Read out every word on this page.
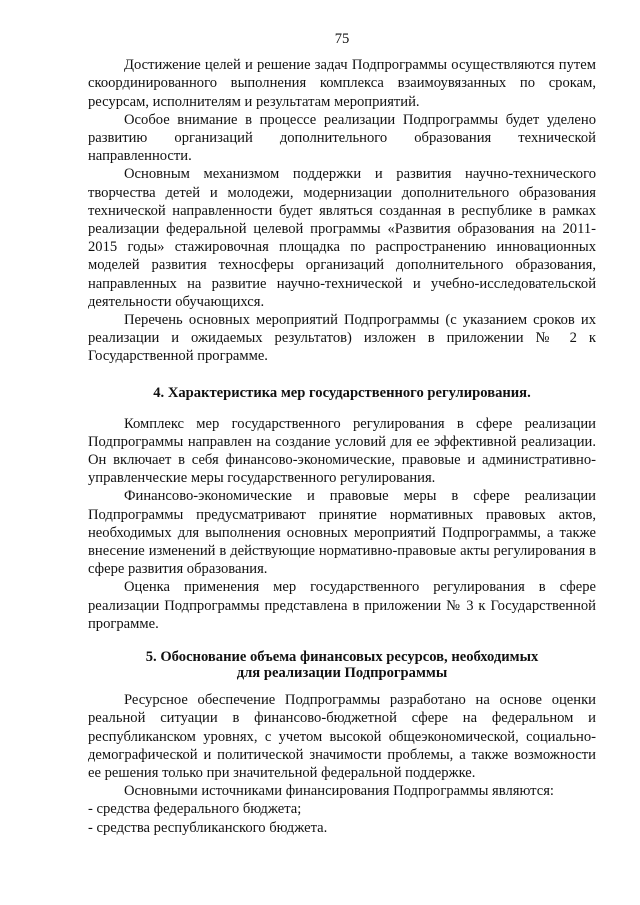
75

Достижение целей и решение задач Подпрограммы осуществляются путем скоординированного выполнения комплекса взаимоувязанных по срокам, ресурсам, исполнителям и результатам мероприятий.

Особое внимание в процессе реализации Подпрограммы будет уделено развитию организаций дополнительного образования технической направленности.

Основным механизмом поддержки и развития научно-технического творчества детей и молодежи, модернизации дополнительного образования технической направленности будет являться созданная в республике в рамках реализации федеральной целевой программы «Развития образования на 2011-2015 годы» стажировочная площадка по распространению инновационных моделей развития техносферы организаций дополнительного образования, направленных на развитие научно-технической и учебно-исследовательской деятельности обучающихся.

Перечень основных мероприятий Подпрограммы (с указанием сроков их реализации и ожидаемых результатов) изложен в приложении № 2 к Государственной программе.

4. Характеристика мер государственного регулирования.

Комплекс мер государственного регулирования в сфере реализации Подпрограммы направлен на создание условий для ее эффективной реализации. Он включает в себя финансово-экономические, правовые и административно-управленческие меры государственного регулирования.

Финансово-экономические и правовые меры в сфере реализации Подпрограммы предусматривают принятие нормативных правовых актов, необходимых для выполнения основных мероприятий Подпрограммы, а также внесение изменений в действующие нормативно-правовые акты регулирования в сфере развития образования.

Оценка применения мер государственного регулирования в сфере реализации Подпрограммы представлена в приложении № 3 к Государственной программе.

5. Обоснование объема финансовых ресурсов, необходимых
для реализации Подпрограммы

Ресурсное обеспечение Подпрограммы разработано на основе оценки реальной ситуации в финансово-бюджетной сфере на федеральном и республиканском уровнях, с учетом высокой общеэкономической, социально-демографической и политической значимости проблемы, а также возможности ее решения только при значительной федеральной поддержке.

Основными источниками финансирования Подпрограммы являются:

- средства федерального бюджета;

- средства республиканского бюджета.
